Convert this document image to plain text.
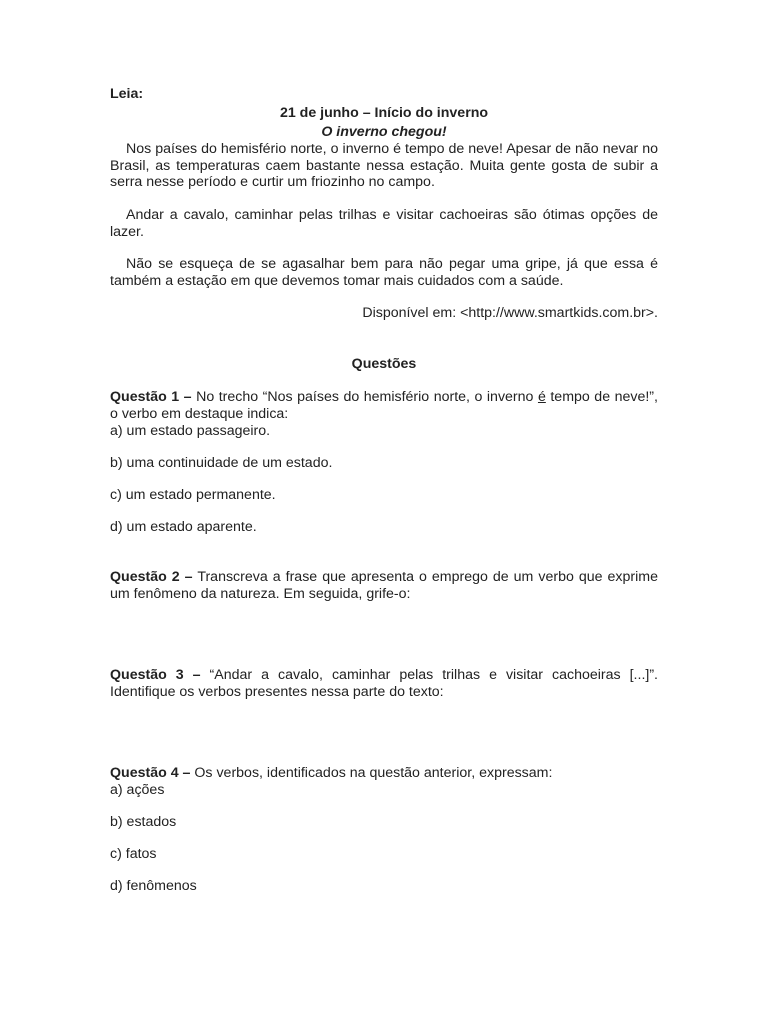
Leia:
21 de junho – Início do inverno
O inverno chegou!

Nos países do hemisfério norte, o inverno é tempo de neve! Apesar de não nevar no Brasil, as temperaturas caem bastante nessa estação. Muita gente gosta de subir a serra nesse período e curtir um friozinho no campo.

Andar a cavalo, caminhar pelas trilhas e visitar cachoeiras são ótimas opções de lazer.

Não se esqueça de se agasalhar bem para não pegar uma gripe, já que essa é também a estação em que devemos tomar mais cuidados com a saúde.

Disponível em: <http://www.smartkids.com.br>.

Questões

Questão 1 – No trecho “Nos países do hemisfério norte, o inverno é tempo de neve!”, o verbo em destaque indica:

a) um estado passageiro.
b) uma continuidade de um estado.
c) um estado permanente.
d) um estado aparente.

Questão 2 – Transcreva a frase que apresenta o emprego de um verbo que exprime um fenômeno da natureza. Em seguida, grife-o:

Questão 3 – “Andar a cavalo, caminhar pelas trilhas e visitar cachoeiras [...]”. Identifique os verbos presentes nessa parte do texto:

Questão 4 – Os verbos, identificados na questão anterior, expressam:

a) ações
b) estados
c) fatos
d) fenômenos
